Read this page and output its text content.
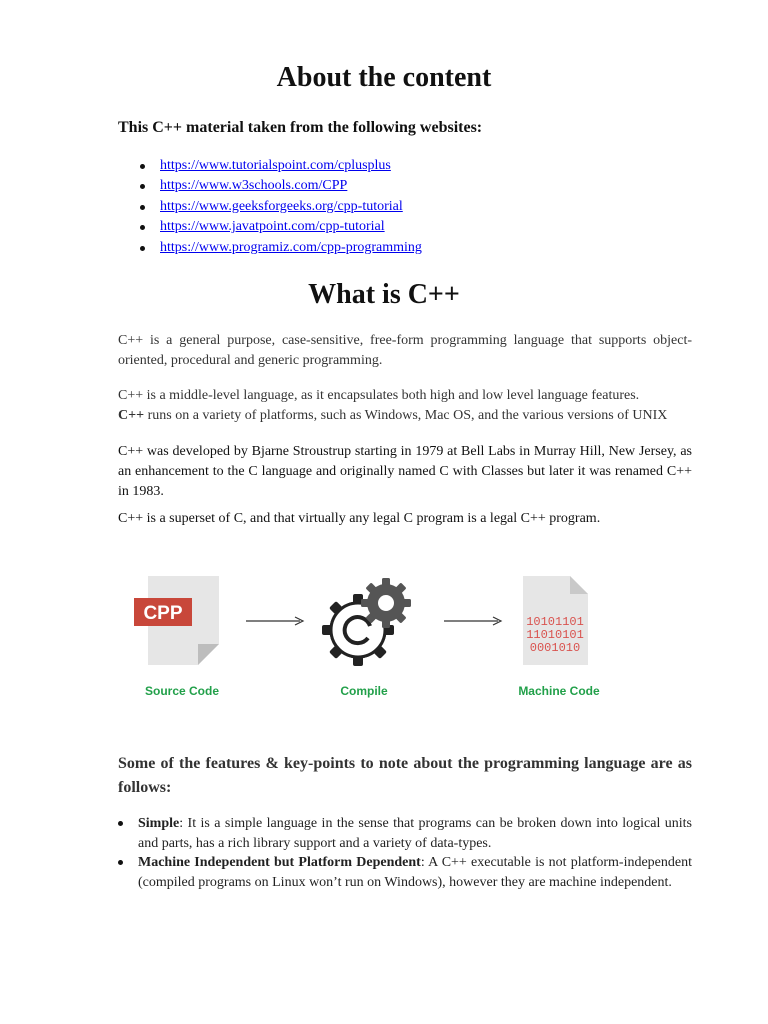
About the content
This C++ material taken from the following websites:
https://www.tutorialspoint.com/cplusplus
https://www.w3schools.com/CPP
https://www.geeksforgeeks.org/cpp-tutorial
https://www.javatpoint.com/cpp-tutorial
https://www.programiz.com/cpp-programming
What is C++

C++ is a general purpose, case-sensitive, free-form programming language that supports object-oriented, procedural and generic programming.

C++ is a middle-level language, as it encapsulates both high and low level language features.
C++ runs on a variety of platforms, such as Windows, Mac OS, and the various versions of UNIX

C++ was developed by Bjarne Stroustrup starting in 1979 at Bell Labs in Murray Hill, New Jersey, as an enhancement to the C language and originally named C with Classes but later it was renamed C++ in 1983.

C++ is a superset of C, and that virtually any legal C program is a legal C++ program.

CPP	10101101
11010101
0001010
Source Code	Compile	Machine Code
Some of the features & key-points to note about the programming language are as follows:
Simple: It is a simple language in the sense that programs can be broken down into logical units and parts, has a rich library support and a variety of data-types.
Machine Independent but Platform Dependent: A C++ executable is not platform-independent (compiled programs on Linux won’t run on Windows), however they are machine independent.
